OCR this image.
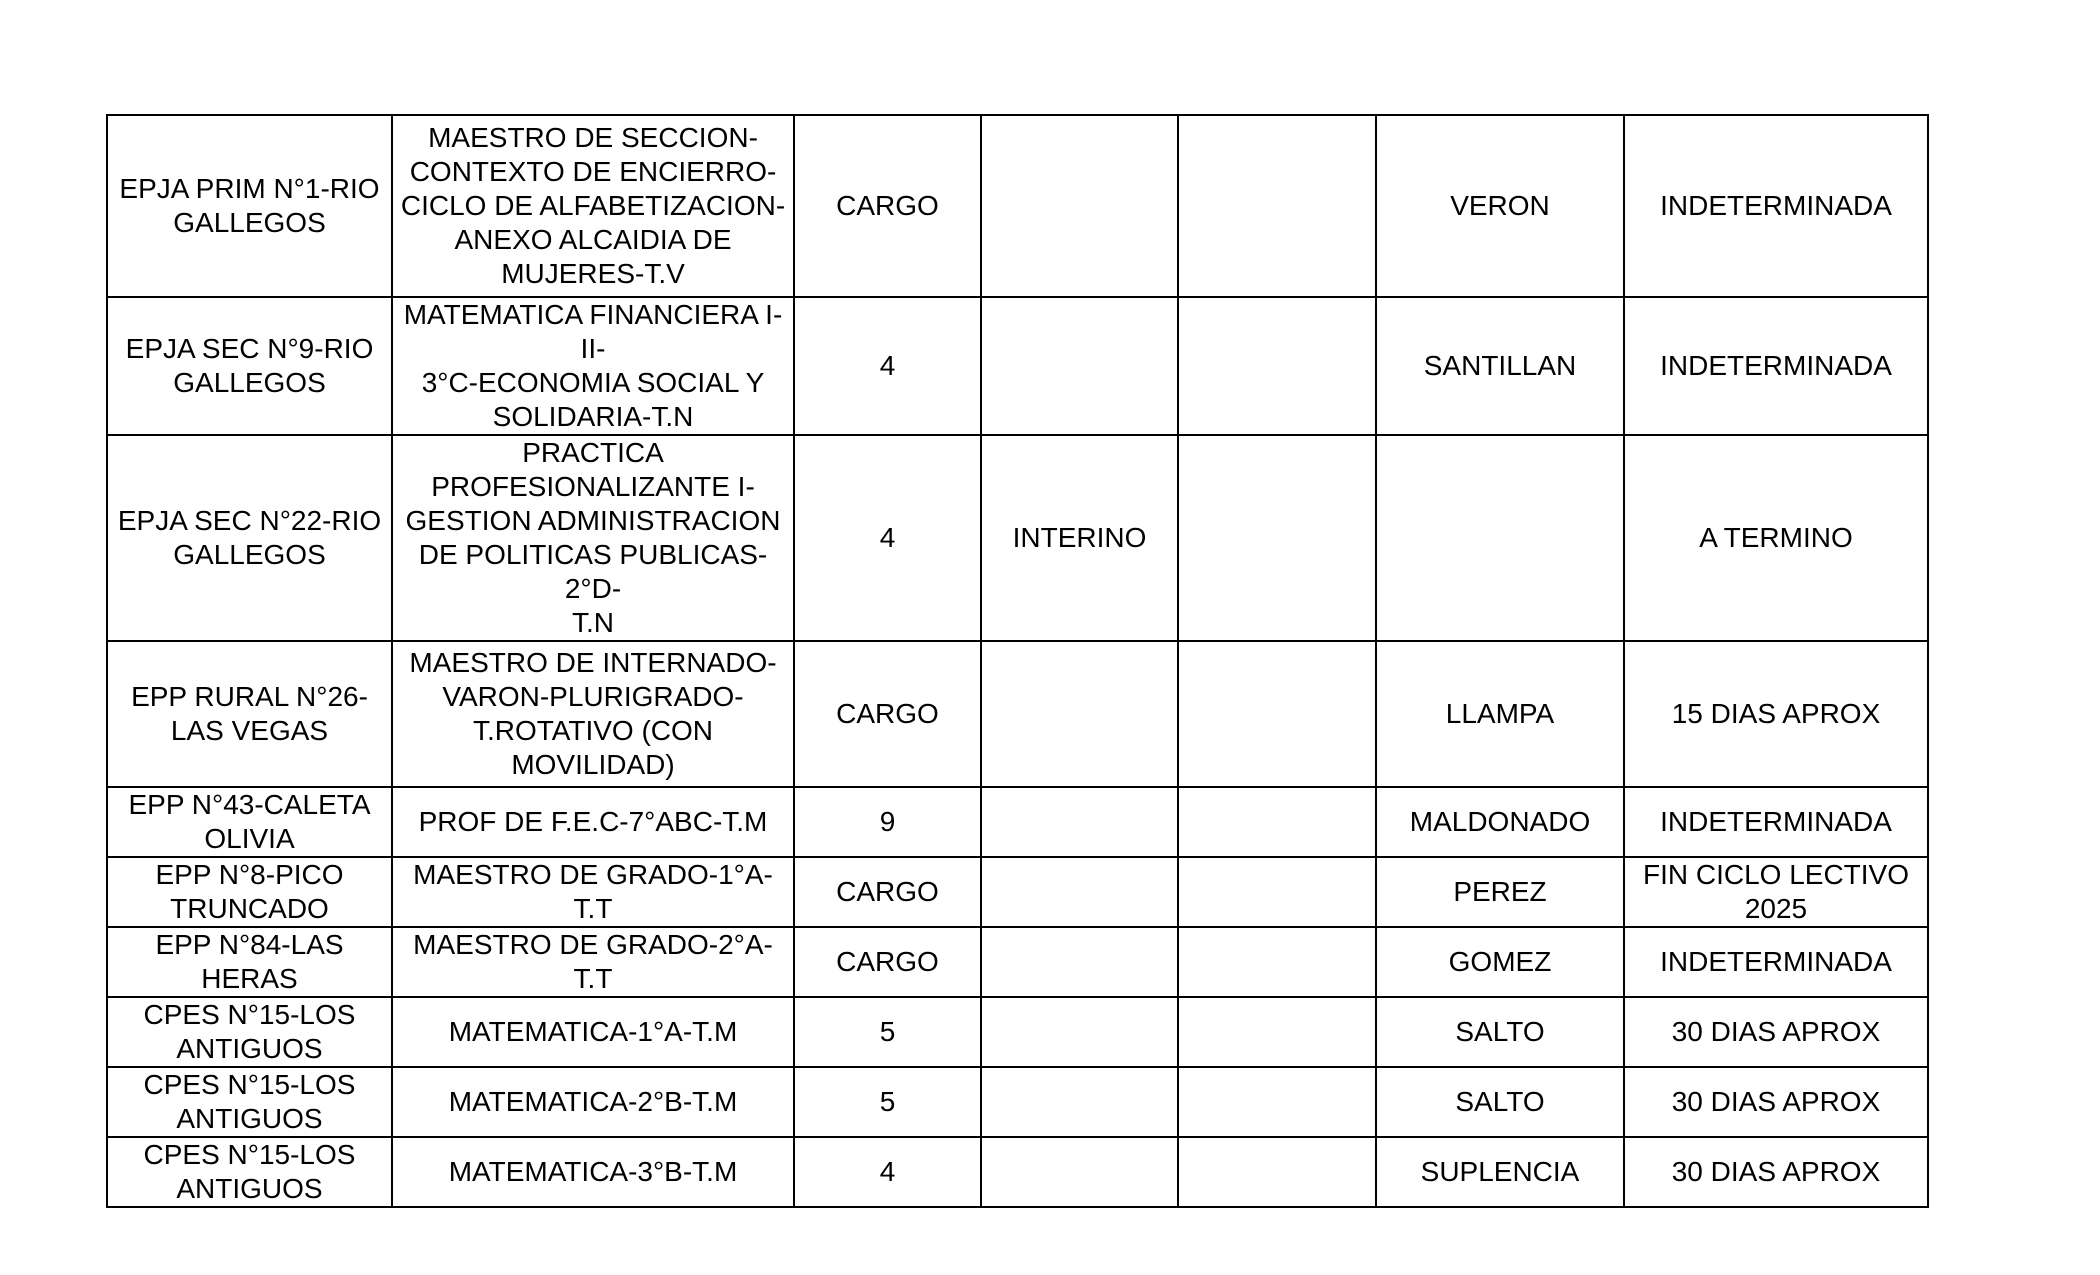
EPJA PRIM N°1-RIO
GALLEGOS	MAESTRO DE SECCION-
CONTEXTO DE ENCIERRO-
CICLO DE ALFABETIZACION-
ANEXO ALCAIDIA DE
MUJERES-T.V	CARGO			VERON	INDETERMINADA

EPJA SEC N°9-RIO
GALLEGOS	MATEMATICA FINANCIERA I-II-
3°C-ECONOMIA SOCIAL Y
SOLIDARIA-T.N	4			SANTILLAN	INDETERMINADA

EPJA SEC N°22-RIO
GALLEGOS	PRACTICA
PROFESIONALIZANTE I-
GESTION ADMINISTRACION
DE POLITICAS PUBLICAS-2°D-
T.N	4	INTERINO			A TERMINO

EPP RURAL N°26-
LAS VEGAS	MAESTRO DE INTERNADO-
VARON-PLURIGRADO-
T.ROTATIVO (CON
MOVILIDAD)	CARGO			LLAMPA	15 DIAS APROX

EPP N°43-CALETA
OLIVIA	PROF DE F.E.C-7°ABC-T.M	9			MALDONADO	INDETERMINADA

EPP N°8-PICO
TRUNCADO	MAESTRO DE GRADO-1°A-
T.T	CARGO			PEREZ	FIN CICLO LECTIVO
2025

EPP N°84-LAS
HERAS	MAESTRO DE GRADO-2°A-
T.T	CARGO			GOMEZ	INDETERMINADA

CPES N°15-LOS
ANTIGUOS	MATEMATICA-1°A-T.M	5			SALTO	30 DIAS APROX

CPES N°15-LOS
ANTIGUOS	MATEMATICA-2°B-T.M	5			SALTO	30 DIAS APROX

CPES N°15-LOS
ANTIGUOS	MATEMATICA-3°B-T.M	4			SUPLENCIA	30 DIAS APROX
